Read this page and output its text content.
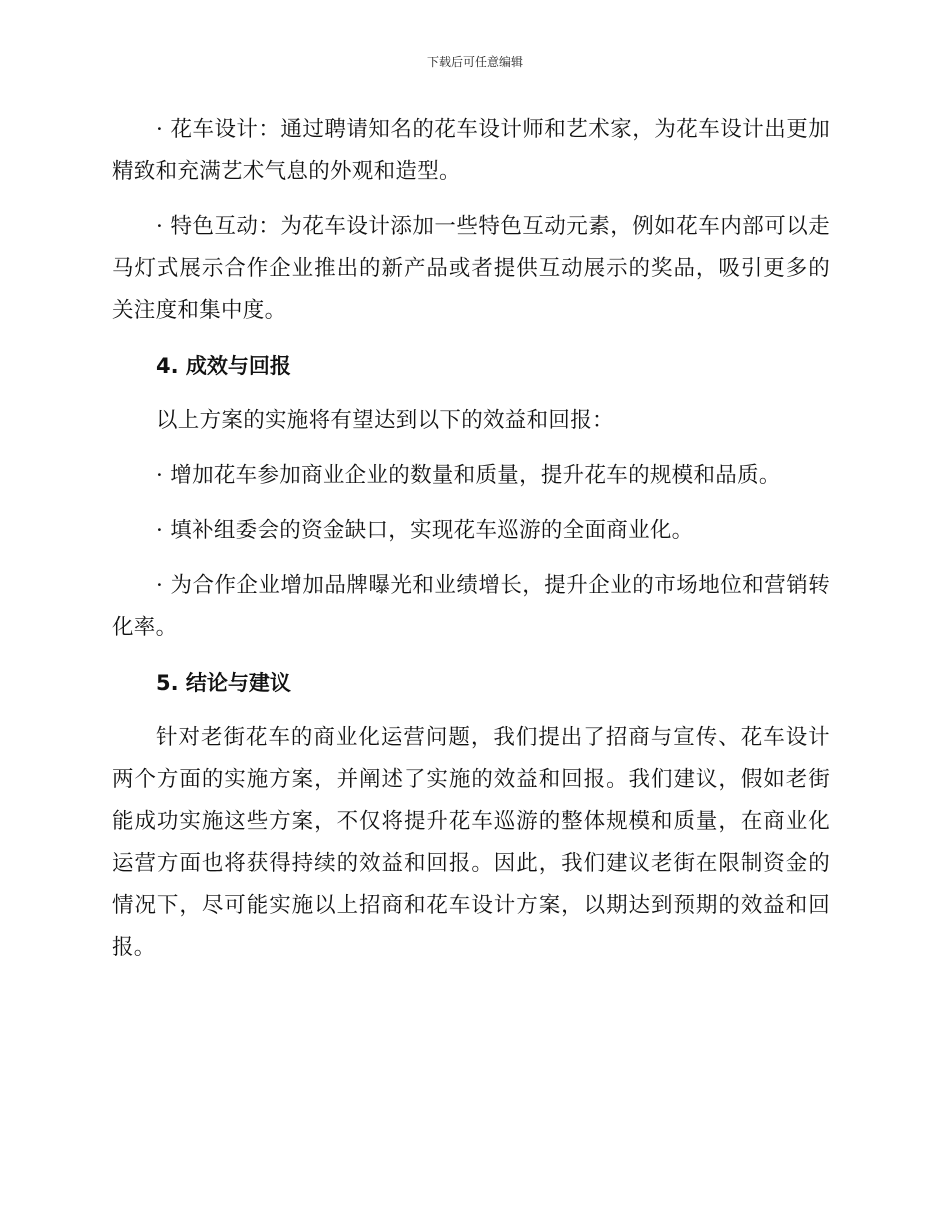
下载后可任意编辑

· 花车设计：通过聘请知名的花车设计师和艺术家，为花车设计出更加精致和充满艺术气息的外观和造型。

· 特色互动：为花车设计添加一些特色互动元素，例如花车内部可以走马灯式展示合作企业推出的新产品或者提供互动展示的奖品，吸引更多的关注度和集中度。

4. 成效与回报

以上方案的实施将有望达到以下的效益和回报：

· 增加花车参加商业企业的数量和质量，提升花车的规模和品质。

· 填补组委会的资金缺口，实现花车巡游的全面商业化。

· 为合作企业增加品牌曝光和业绩增长，提升企业的市场地位和营销转化率。

5. 结论与建议

针对老街花车的商业化运营问题，我们提出了招商与宣传、花车设计两个方面的实施方案，并阐述了实施的效益和回报。我们建议，假如老街能成功实施这些方案，不仅将提升花车巡游的整体规模和质量，在商业化运营方面也将获得持续的效益和回报。因此，我们建议老街在限制资金的情况下，尽可能实施以上招商和花车设计方案，以期达到预期的效益和回报。
